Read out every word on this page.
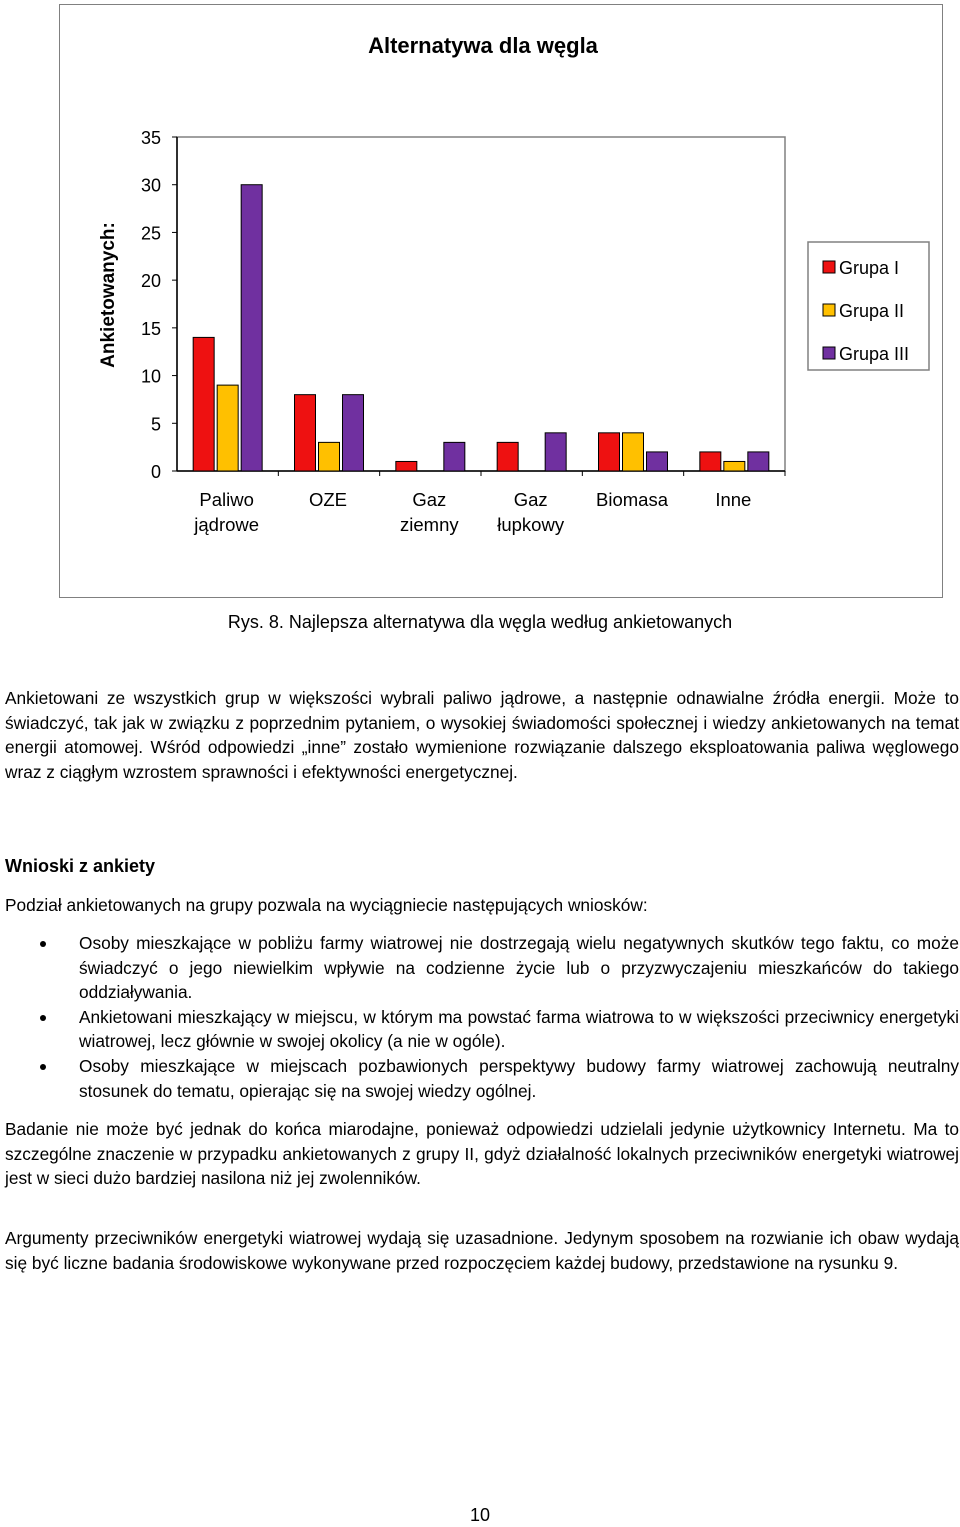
Alternatywa dla węgla
Ankietowanych:
0
5
10
15
20
25
30
35
Paliwo
jądrowe
OZE	Gaz
ziemny
Gaz
łupkowy
Biomasa	Inne
Grupa I
Grupa II
Grupa III
Rys. 8. Najlepsza alternatywa dla węgla według ankietowanych

Ankietowani ze wszystkich grup w większości wybrali paliwo jądrowe, a następnie odnawialne źródła energii. Może to świadczyć, tak jak w związku z poprzednim pytaniem, o wysokiej świadomości społecznej i wiedzy ankietowanych na temat energii atomowej. Wśród odpowiedzi „inne” zostało wymienione rozwiązanie dalszego eksploatowania paliwa węglowego wraz z ciągłym wzrostem sprawności i efektywności energetycznej.

Wnioski z ankiety

Podział ankietowanych na grupy pozwala na wyciągniecie następujących wniosków:

Osoby mieszkające w pobliżu farmy wiatrowej nie dostrzegają wielu negatywnych skutków tego faktu, co może świadczyć o jego niewielkim wpływie na codzienne życie lub o przyzwyczajeniu mieszkańców do takiego oddziaływania.
Ankietowani mieszkający w miejscu, w którym ma powstać farma wiatrowa to w większości przeciwnicy energetyki wiatrowej, lecz głównie w swojej okolicy (a nie w ogóle).
Osoby mieszkające w miejscach pozbawionych perspektywy budowy farmy wiatrowej zachowują neutralny stosunek do tematu, opierając się na swojej wiedzy ogólnej.

Badanie nie może być jednak do końca miarodajne, ponieważ odpowiedzi udzielali jedynie użytkownicy Internetu. Ma to szczególne znaczenie w przypadku ankietowanych z grupy II, gdyż działalność lokalnych przeciwników energetyki wiatrowej jest w sieci dużo bardziej nasilona niż jej zwolenników.

Argumenty przeciwników energetyki wiatrowej wydają się uzasadnione. Jedynym sposobem na rozwianie ich obaw wydają się być liczne badania środowiskowe wykonywane przed rozpoczęciem każdej budowy, przedstawione na rysunku 9.

10
